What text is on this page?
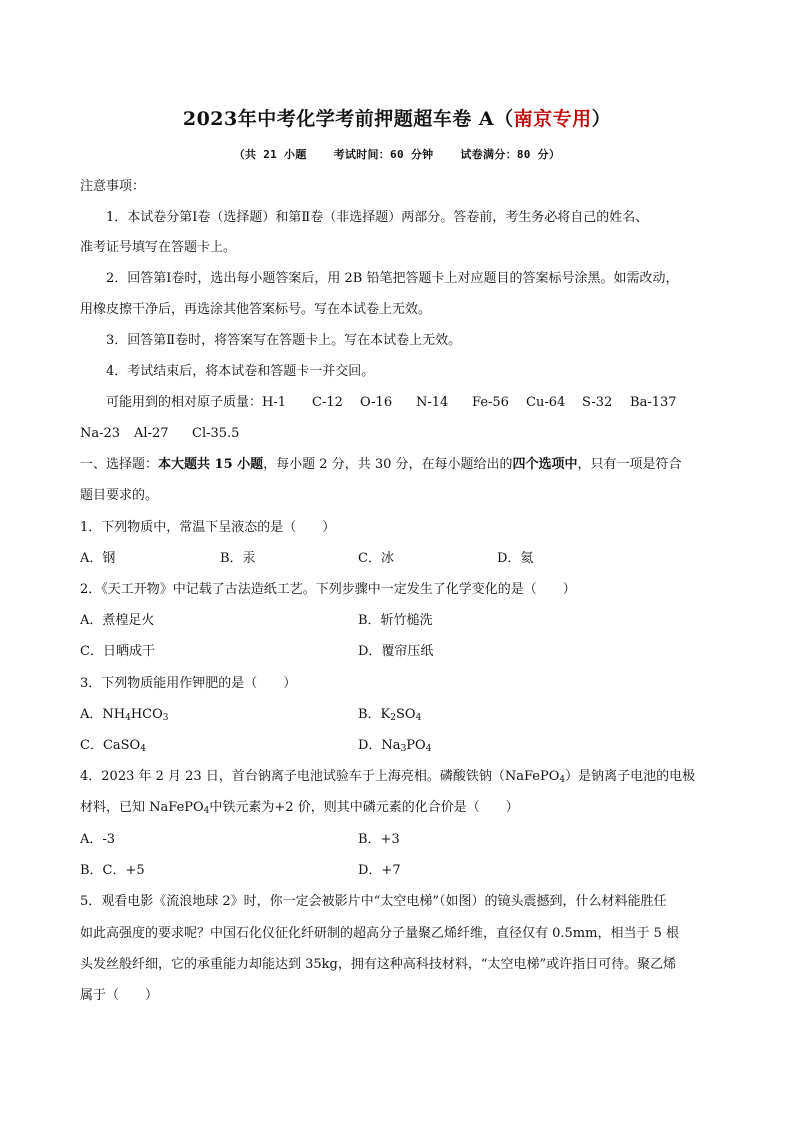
2023年中考化学考前押题超车卷 A（南京专用）
（共 21 小题 考试时间：60 分钟 试卷满分：80 分）
注意事项：
1．本试卷分第Ⅰ卷（选择题）和第Ⅱ卷（非选择题）两部分。答卷前，考生务必将自己的姓名、
准考证号填写在答题卡上。
2．回答第Ⅰ卷时，选出每小题答案后，用 2B 铅笔把答题卡上对应题目的答案标号涂黑。如需改动，
用橡皮擦干净后，再选涂其他答案标号。写在本试卷上无效。
3．回答第Ⅱ卷时，将答案写在答题卡上。写在本试卷上无效。
4．考试结束后，将本试卷和答题卡一并交回。
可能用到的相对原子质量：H-1 C-12 O-16 N-14 Fe-56 Cu-64 S-32 Ba-137
Na-23 Al-27 Cl-35.5
一、选择题：本大题共 15 小题，每小题 2 分，共 30 分，在每小题给出的四个选项中，只有一项是符合
题目要求的。
1．下列物质中，常温下呈液态的是（　　）
A．钢	B．汞	C．冰	D．氦
2．《天工开物》中记载了古法造纸工艺。下列步骤中一定发生了化学变化的是（　　）
A．煮楻足火	B．斩竹槌洗
C．日晒成干	D．覆帘压纸
3．下列物质能用作钾肥的是（　　）
A．$NH_4HCO_3$	B．$K_2SO_4$
C．CaSO$_4$	D．$Na_3PO_4$
4．2023 年 2 月 23 日，首台钠离子电池试验车于上海亮相。磷酸铁钠（NaFePO$_4$）是钠离子电池的电极
材料，已知 NaFePO$_4$中铁元素为+2 价，则其中磷元素的化合价是（　　）
A．-3	B．+3
B．C．+5	D．+7
5．观看电影《流浪地球 2》时，你一定会被影片中“太空电梯”（如图）的镜头震撼到，什么材料能胜任
如此高强度的要求呢？中国石化仪征化纤研制的超高分子量聚乙烯纤维，直径仅有 0.5mm，相当于 5 根
头发丝般纤细，它的承重能力却能达到 35kg，拥有这种高科技材料，“太空电梯”或许指日可待。聚乙烯
属于（　　）
